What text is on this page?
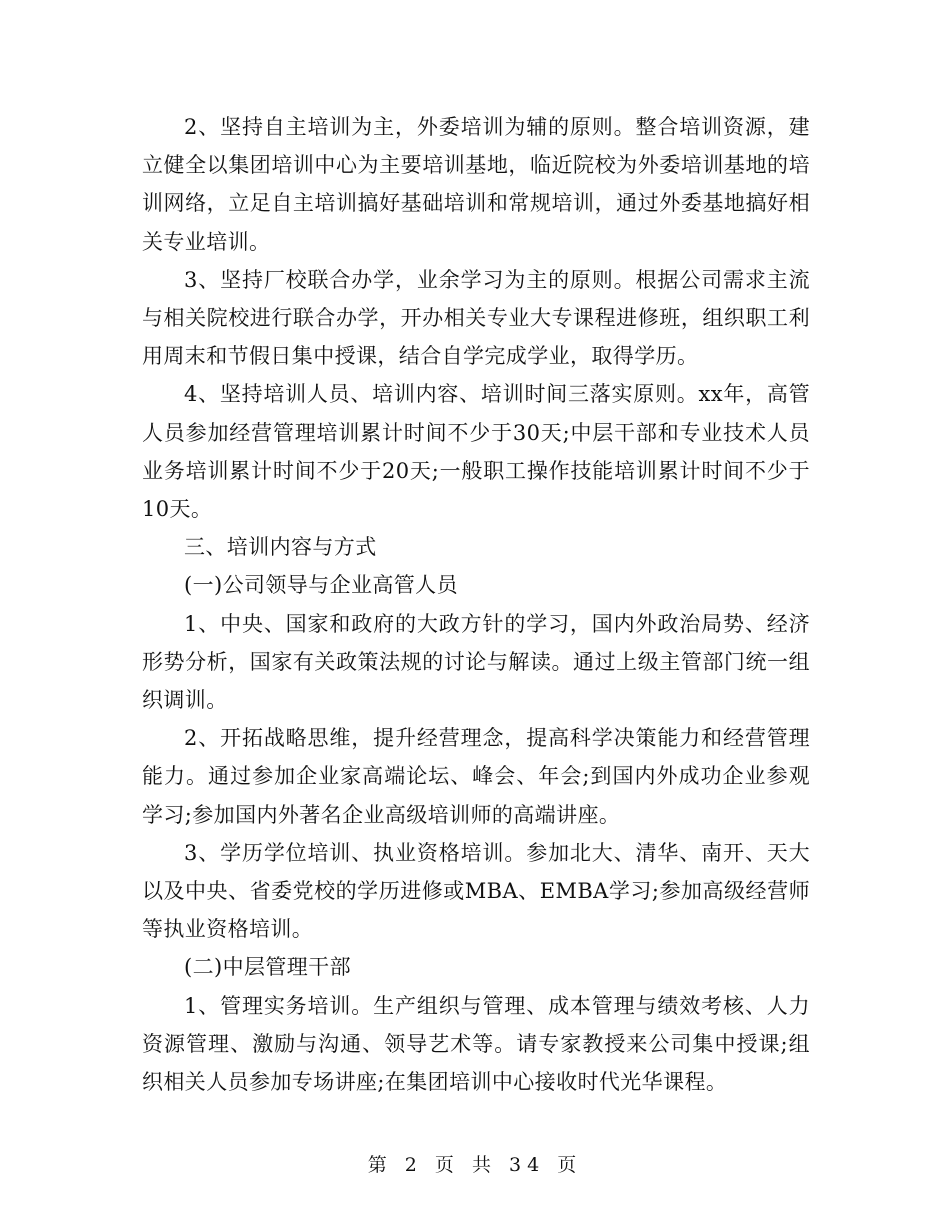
2、坚持自主培训为主，外委培训为辅的原则。整合培训资源，建立健全以集团培训中心为主要培训基地，临近院校为外委培训基地的培训网络，立足自主培训搞好基础培训和常规培训，通过外委基地搞好相关专业培训。

3、坚持厂校联合办学，业余学习为主的原则。根据公司需求主流与相关院校进行联合办学，开办相关专业大专课程进修班，组织职工利用周末和节假日集中授课，结合自学完成学业，取得学历。

4、坚持培训人员、培训内容、培训时间三落实原则。xx年，高管人员参加经营管理培训累计时间不少于30天;中层干部和专业技术人员业务培训累计时间不少于20天;一般职工操作技能培训累计时间不少于10天。

三、培训内容与方式

(一)公司领导与企业高管人员

1、中央、国家和政府的大政方针的学习，国内外政治局势、经济形势分析，国家有关政策法规的讨论与解读。通过上级主管部门统一组织调训。

2、开拓战略思维，提升经营理念，提高科学决策能力和经营管理能力。通过参加企业家高端论坛、峰会、年会;到国内外成功企业参观学习;参加国内外著名企业高级培训师的高端讲座。

3、学历学位培训、执业资格培训。参加北大、清华、南开、天大以及中央、省委党校的学历进修或MBA、EMBA学习;参加高级经营师等执业资格培训。

(二)中层管理干部

1、管理实务培训。生产组织与管理、成本管理与绩效考核、人力资源管理、激励与沟通、领导艺术等。请专家教授来公司集中授课;组织相关人员参加专场讲座;在集团培训中心接收时代光华课程。

第 2 页 共 34 页
